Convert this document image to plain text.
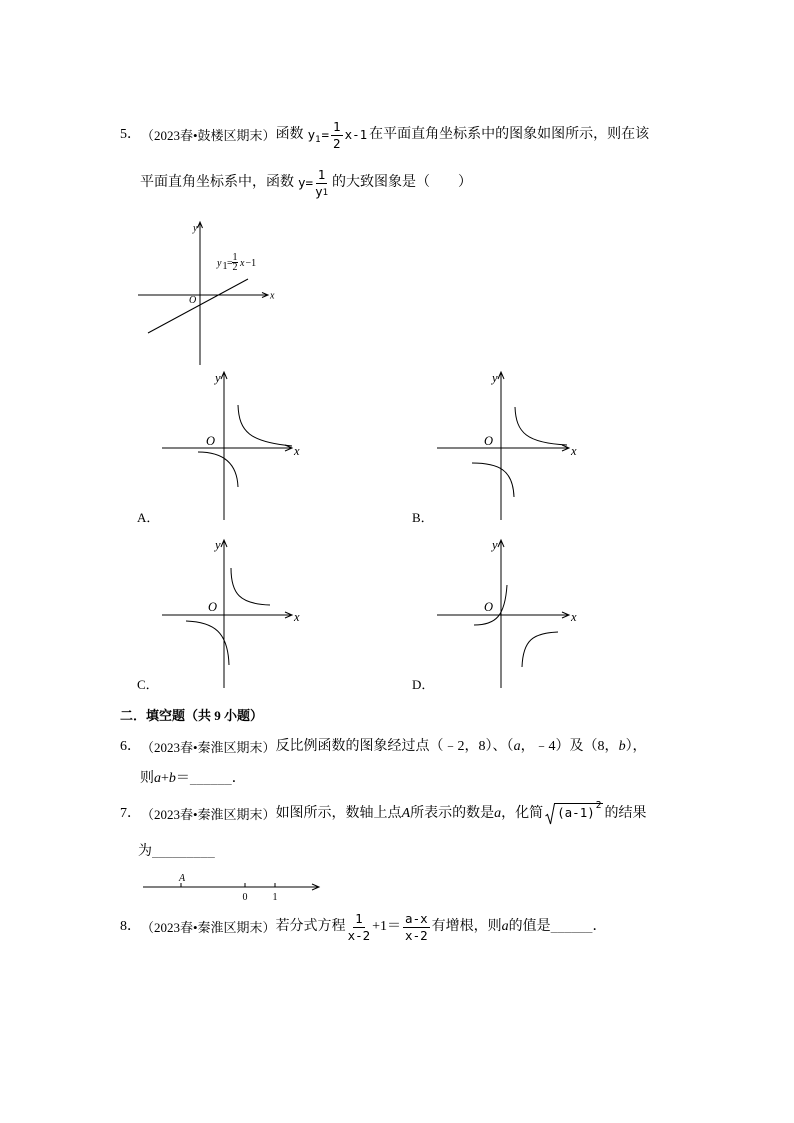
5． （2023春•鼓楼区期末） 函数 y $1 = \frac{1}{2} x-1$ 在平面直角坐标系中的图象如图所示，则在该
平面直角坐标系中，函数 $y= \frac{1}{y 1}$ 的大致图象是（　　）
y
x
O
y 1 =
1
2 x −1
y
x
O
A．
y
x
O
B．
y
x
O
C．
y
x
O
D．
二．填空题（共 9 小题）
6． （2023春•秦淮区期末） 反比例函数的图象经过点（﹣2，8）、（ a ，﹣4）及（8， b ），
则 a + b ＝ ______ ．
7． （2023春•秦淮区期末） 如图所示，数轴上点 A 所表示的数是 a ，化简 (a-1) 2
的结果
为 _________
A
0	1
8． （2023春•秦淮区期末） 若分式方程 $\frac{1}{x-2} +1= \frac{a-x}{x-2}$ 有增根，则 a 的值是 ______ ．
